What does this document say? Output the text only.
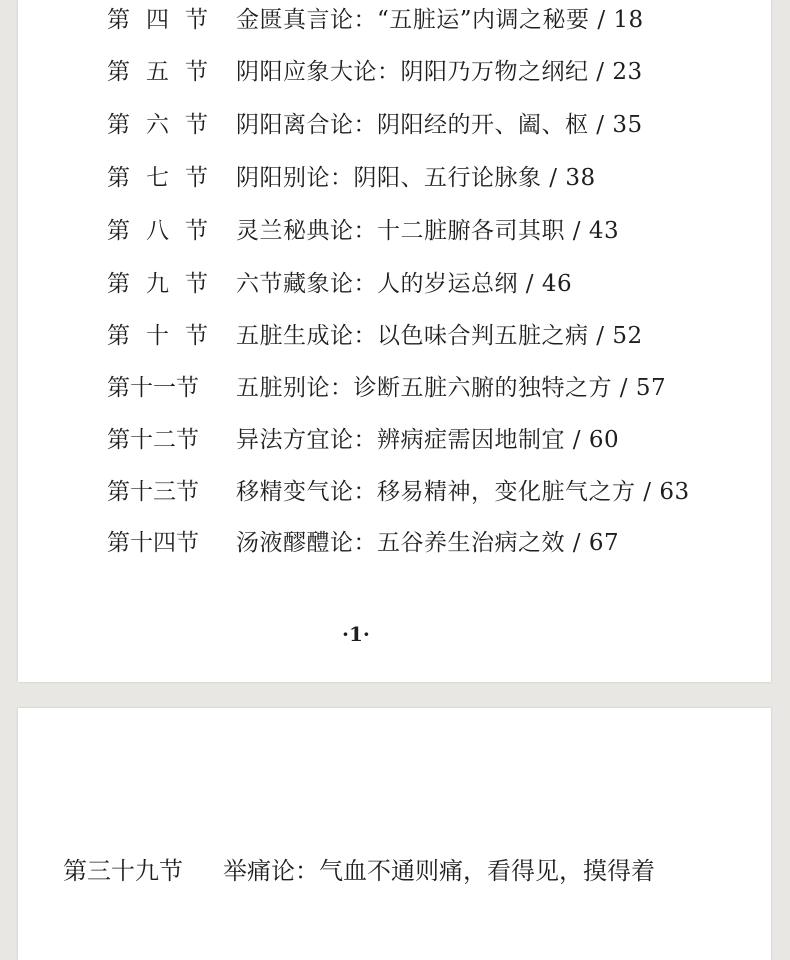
第四节 金匮真言论：“五脏运”内调之秘要 / 18
第五节 阴阳应象大论：阴阳乃万物之纲纪 / 23
第六节 阴阳离合论：阴阳经的开、阖、枢 / 35
第七节 阴阳别论：阴阳、五行论脉象 / 38
第八节 灵兰秘典论：十二脏腑各司其职 / 43
第九节 六节藏象论：人的岁运总纲 / 46
第十节 五脏生成论：以色味合判五脏之病 / 52
第十一节	五脏别论：诊断五脏六腑的独特之方 / 57
第十二节	异法方宜论：辨病症需因地制宜 / 60
第十三节	移精变气论：移易精神，变化脏气之方 / 63
第十四节	汤液醪醴论：五谷养生治病之效 / 67
·1·
第三十九节 举痛论：气血不通则痛，看得见，摸得着
